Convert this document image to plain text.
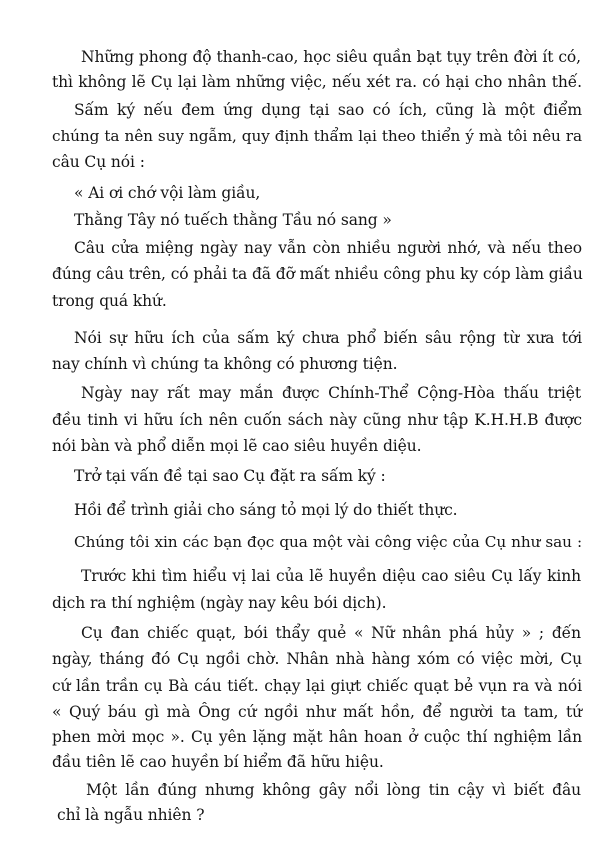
Những phong độ thanh-cao, học siêu quần bạt tụy trên đời ít có,
thì không lẽ Cụ lại làm những việc, nếu xét ra. có hại cho nhân thế.
Sấm ký nếu đem ứng dụng tại sao có ích, cũng là một điểm
chúng ta nên suy ngẫm, quy định thẩm lại theo thiển ý mà tôi nêu ra
câu Cụ nói :
« Ai ơi chớ vội làm giầu,
Thằng Tây nó tuếch thằng Tầu nó sang »
Câu cửa miệng ngày nay vẫn còn nhiều người nhớ, và nếu theo
đúng câu trên, có phải ta đã đỡ mất nhiều công phu ky cóp làm giầu
trong quá khứ.
Nói sự hữu ích của sấm ký chưa phổ biến sâu rộng từ xưa tới
nay chính vì chúng ta không có phương tiện.
Ngày nay rất may mắn được Chính-Thể Cộng-Hòa thấu triệt
đều tinh vi hữu ích nên cuốn sách này cũng như tập K.H.H.B được
nói bàn và phổ diễn mọi lẽ cao siêu huyền diệu.
Trở tại vấn đề tại sao Cụ đặt ra sấm ký :
Hồi để trình giải cho sáng tỏ mọi lý do thiết thực.
Chúng tôi xin các bạn đọc qua một vài công việc của Cụ như sau :
Trước khi tìm hiểu vị lai của lẽ huyền diệu cao siêu Cụ lấy kinh
dịch ra thí nghiệm (ngày nay kêu bói dịch).
Cụ đan chiếc quạt, bói thẩy quẻ « Nữ nhân phá hủy » ; đến
ngày, tháng đó Cụ ngồi chờ. Nhân nhà hàng xóm có việc mời, Cụ
cứ lần trần cụ Bà cáu tiết. chạy lại giựt chiếc quạt bẻ vụn ra và nói
« Quý báu gì mà Ông cứ ngồi như mất hồn, để người ta tam, tứ
phen mời mọc ». Cụ yên lặng mặt hân hoan ở cuộc thí nghiệm lần
đầu tiên lẽ cao huyền bí hiểm đã hữu hiệu.
Một lần đúng nhưng không gây nổi lòng tin cậy vì biết đâu
chỉ là ngẫu nhiên ?
